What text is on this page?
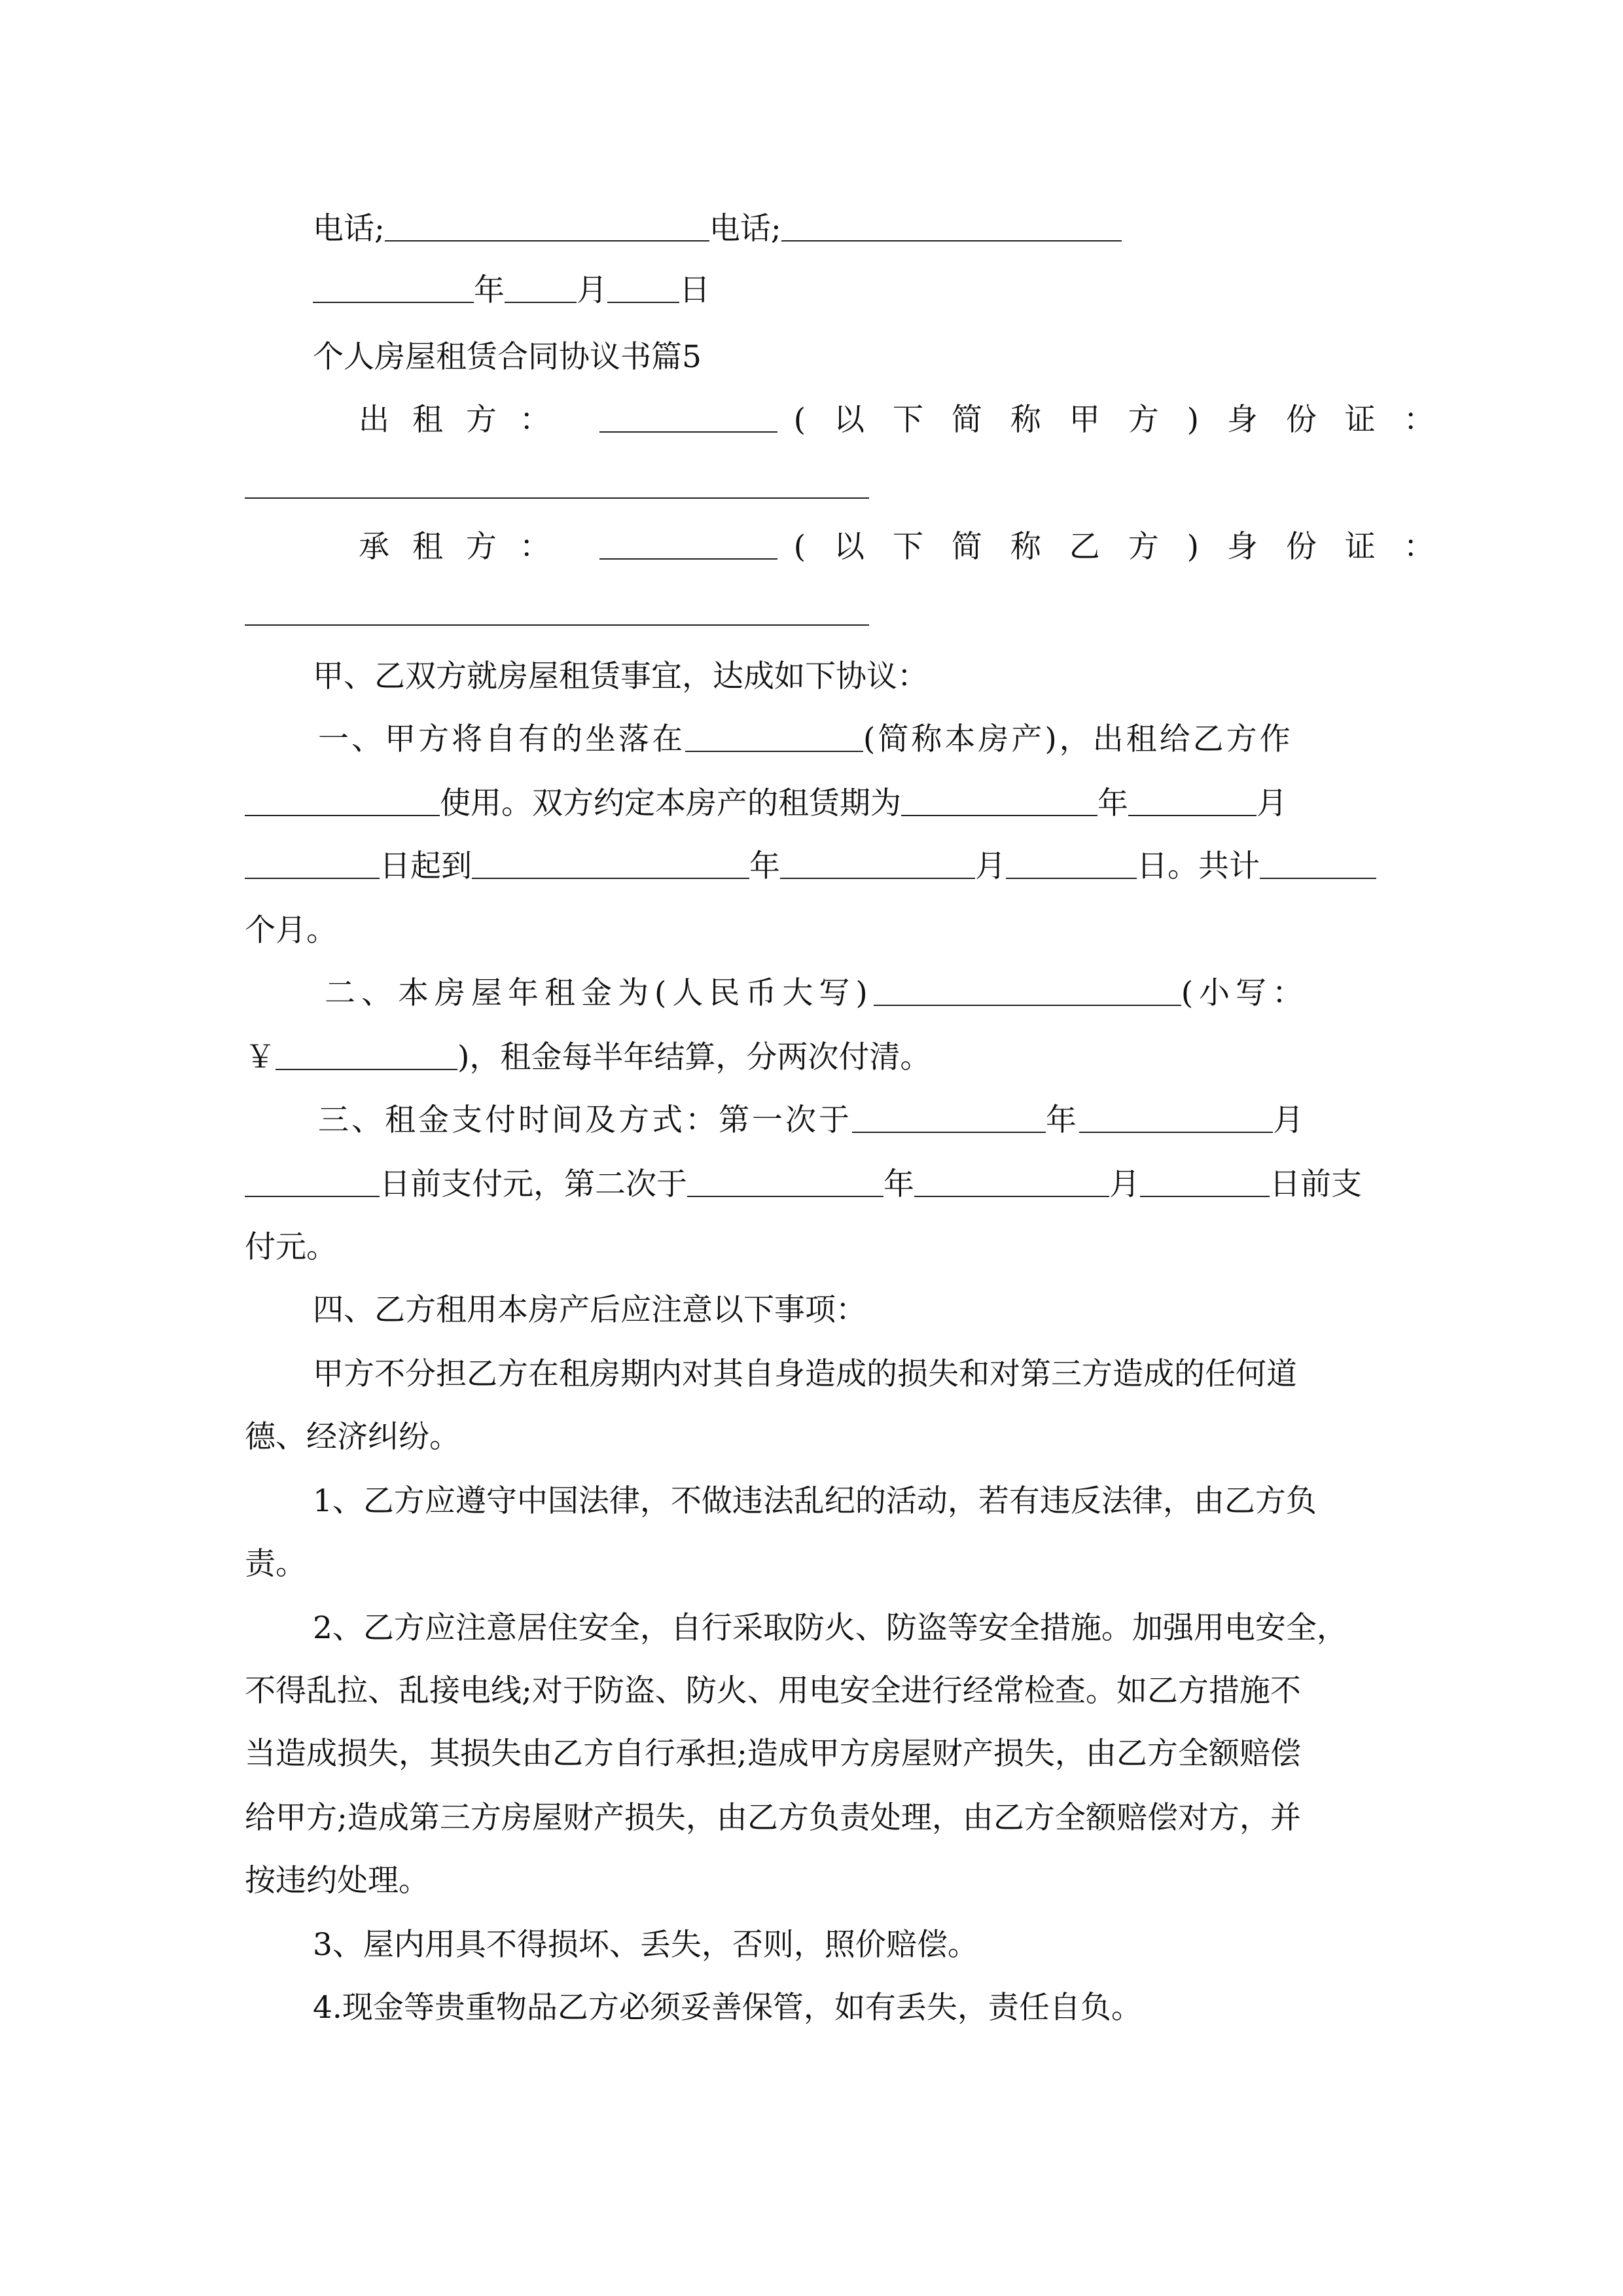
电话;	电话;
年 月 日
个人房屋租赁合同协议书篇5
出 租 方 ：	( 以 下 简 称 甲 方 ) 身 份 证 ：
承 租 方 ：	( 以 下 简 称 乙 方 ) 身 份 证 ：
甲、乙双方就房屋租赁事宜，达成如下协议：
一、甲方将自有的坐落在	(简称本房产)，出租给乙方作
使用。双方约定本房产的租赁期为	年	月
日起到	年	月	日。共计
个月。
二、本房屋年租金为(人民币大写)	(小写：
￥	)，租金每半年结算，分两次付清。
三、租金支付时间及方式：第一次于	年	月
日前支付元，第二次于	年	月	日前支
付元。
四、乙方租用本房产后应注意以下事项：
甲方不分担乙方在租房期内对其自身造成的损失和对第三方造成的任何道
德、经济纠纷。
1、乙方应遵守中国法律，不做违法乱纪的活动，若有违反法律，由乙方负
责。
2、乙方应注意居住安全，自行采取防火、防盗等安全措施。加强用电安全，
不得乱拉、乱接电线;对于防盗、防火、用电安全进行经常检查。如乙方措施不
当造成损失，其损失由乙方自行承担;造成甲方房屋财产损失，由乙方全额赔偿
给甲方;造成第三方房屋财产损失，由乙方负责处理，由乙方全额赔偿对方，并
按违约处理。
3、屋内用具不得损坏、丢失，否则，照价赔偿。
4.现金等贵重物品乙方必须妥善保管，如有丢失，责任自负。
